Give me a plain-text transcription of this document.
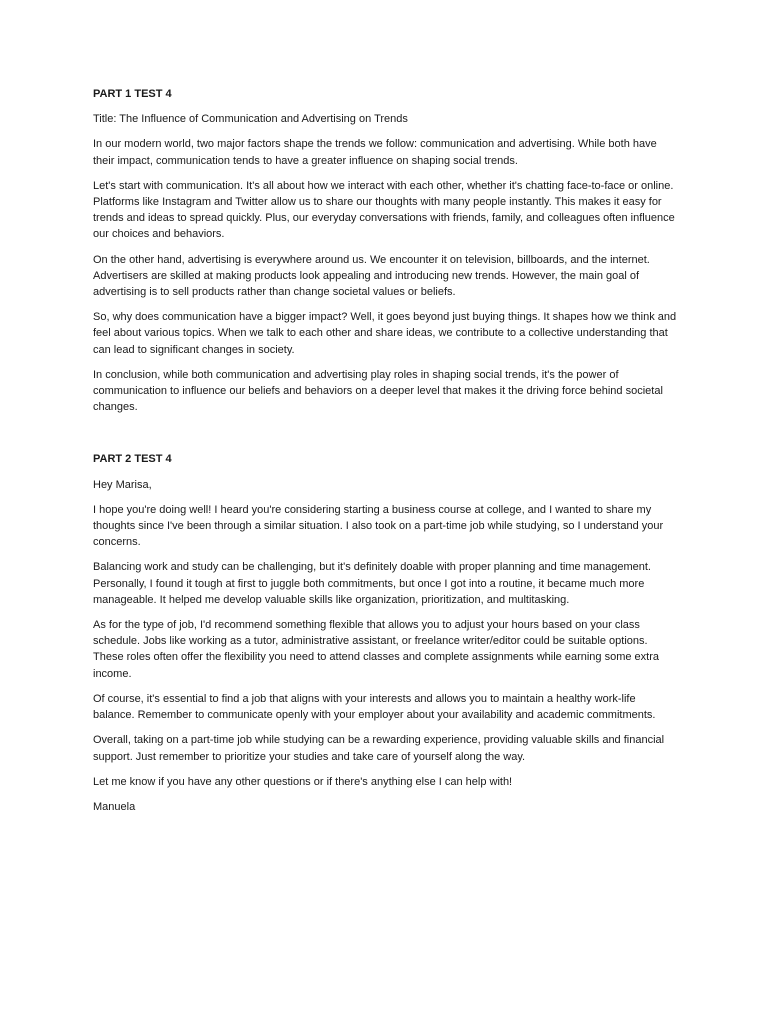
PART 1 TEST 4
Title: The Influence of Communication and Advertising on Trends
In our modern world, two major factors shape the trends we follow: communication and advertising. While both have their impact, communication tends to have a greater influence on shaping social trends.
Let's start with communication. It's all about how we interact with each other, whether it's chatting face-to-face or online. Platforms like Instagram and Twitter allow us to share our thoughts with many people instantly. This makes it easy for trends and ideas to spread quickly. Plus, our everyday conversations with friends, family, and colleagues often influence our choices and behaviors.
On the other hand, advertising is everywhere around us. We encounter it on television, billboards, and the internet. Advertisers are skilled at making products look appealing and introducing new trends. However, the main goal of advertising is to sell products rather than change societal values or beliefs.
So, why does communication have a bigger impact? Well, it goes beyond just buying things. It shapes how we think and feel about various topics. When we talk to each other and share ideas, we contribute to a collective understanding that can lead to significant changes in society.
In conclusion, while both communication and advertising play roles in shaping social trends, it's the power of communication to influence our beliefs and behaviors on a deeper level that makes it the driving force behind societal changes.
PART 2 TEST 4
Hey Marisa,
I hope you're doing well! I heard you're considering starting a business course at college, and I wanted to share my thoughts since I've been through a similar situation. I also took on a part-time job while studying, so I understand your concerns.
Balancing work and study can be challenging, but it's definitely doable with proper planning and time management. Personally, I found it tough at first to juggle both commitments, but once I got into a routine, it became much more manageable. It helped me develop valuable skills like organization, prioritization, and multitasking.
As for the type of job, I'd recommend something flexible that allows you to adjust your hours based on your class schedule. Jobs like working as a tutor, administrative assistant, or freelance writer/editor could be suitable options. These roles often offer the flexibility you need to attend classes and complete assignments while earning some extra income.
Of course, it's essential to find a job that aligns with your interests and allows you to maintain a healthy work-life balance. Remember to communicate openly with your employer about your availability and academic commitments.
Overall, taking on a part-time job while studying can be a rewarding experience, providing valuable skills and financial support. Just remember to prioritize your studies and take care of yourself along the way.
Let me know if you have any other questions or if there's anything else I can help with!
Manuela
